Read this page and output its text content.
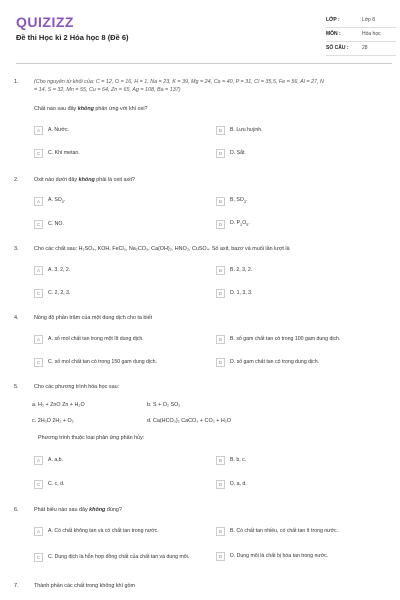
QUIZIZZ
Đề thi Học kì 2 Hóa học 8 (Đề 6)
LỚP :	Lớp 8
MÔN :	Hóa học
SỐ CÂU :	28
1.	(Cho nguyên tử khối của: C = 12, O = 16, H = 1, Na = 23, K = 39, Mg = 24, Ca = 40, P = 31, Cl = 35,5, Fe = 56, Al = 27, N
= 14, S = 32, Mn = 55, Cu = 64, Zn = 65, Ag = 108, Ba = 137)
Chất nào sau đây không phản ứng với khí oxi?
A	A. Nước.	B	B. Lưu huỳnh.
C	C. Khí metan.	D	D. Sắt.
2.	Oxit nào dưới đây không phải là oxit axit?
A	A. $SO_2$.	B	B. $SO_3$.
C	C. NO.	D	D. $P_2O_5$.
3.	Cho các chất sau: H₂SO₄, KOH, FeCl₃, Na₂CO₃, Ca(OH)₂, HNO₃, CuSO₄. Số axit, bazơ và muối lần lượt là
A	A. 3, 2, 2.	B	B. 2, 3, 2.
C	C. 2, 2, 3.	D	D. 1, 3, 3.
4.	Nồng độ phần trăm của một dung dịch cho ta biết
A	A. số mol chất tan trong một lít dung dịch.	B	B. số gam chất tan có trong 100 gam dung dịch.
C	C. số mol chất tan có trong 150 gam dung dịch.	D	D. số gam chất tan có trong dung dịch.
5.	Cho các phương trình hóa học sau:
a. H₂ + ZnO Zn + H₂O	b. S + O₂ SO₂
c. 2H₂O 2H₂ + O₂	d. Ca(HCO₃)₂ CaCO₃ + CO₂ + H₂O
Phương trình thuộc loại phản ứng phân hủy:
A	A. a,b.	B	B. b, c.
C	C. c, d.	D	D. a, d.
6.	Phát biểu nào sau đây không đúng?
A	A. Có chất không tan và có chất tan trong nước.	B	B. Có chất tan nhiều, có chất tan ít trong nước.
C	C. Dung dịch là hỗn hợp đồng chất của chất tan và dung môi.	D	D. Dung môi là chất bị hòa tan trong nước.
7.	Thành phần các chất trong không khí gồm
